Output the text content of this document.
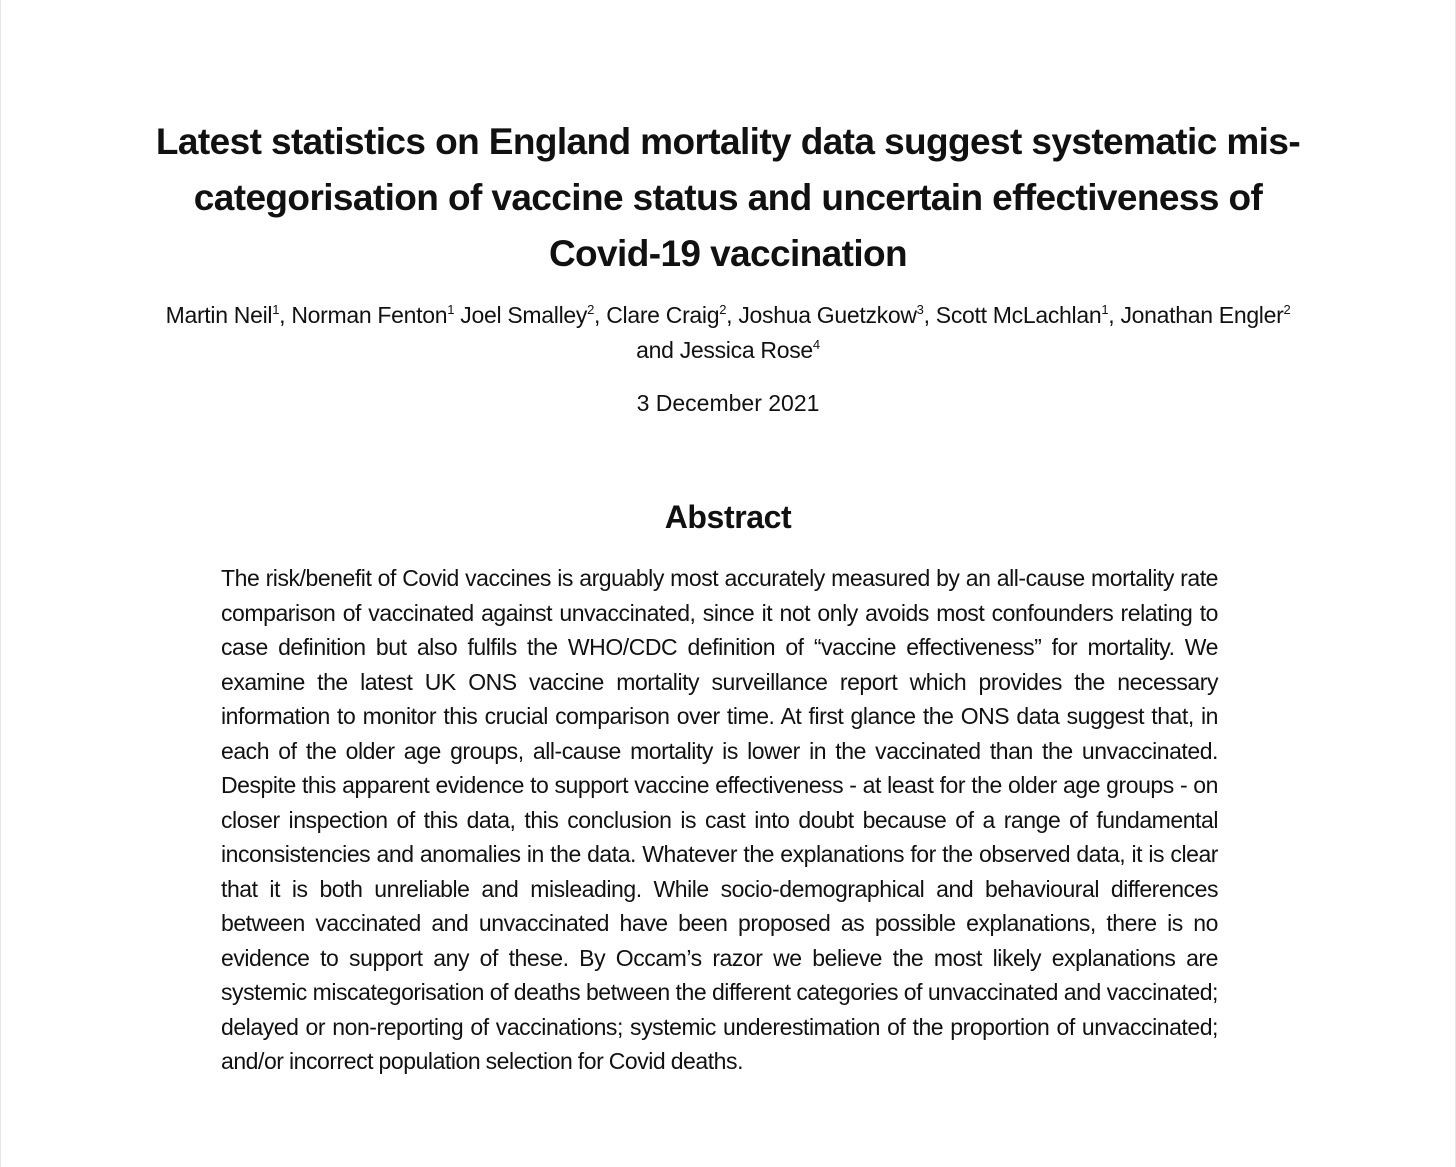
Latest statistics on England mortality data suggest systematic mis-categorisation of vaccine status and uncertain effectiveness of Covid-19 vaccination

Martin Neil$^1$, Norman Fenton$^1$ Joel Smalley$^2$, Clare Craig$^2$, Joshua Guetzkow$^3$, Scott McLachlan$^1$, Jonathan Engler$^2$ and Jessica Rose$^4$

3 December 2021

Abstract

The risk/benefit of Covid vaccines is arguably most accurately measured by an all-cause mortality rate comparison of vaccinated against unvaccinated, since it not only avoids most confounders relating to case definition but also fulfils the WHO/CDC definition of “vaccine effectiveness” for mortality. We examine the latest UK ONS vaccine mortality surveillance report which provides the necessary information to monitor this crucial comparison over time. At first glance the ONS data suggest that, in each of the older age groups, all-cause mortality is lower in the vaccinated than the unvaccinated. Despite this apparent evidence to support vaccine effectiveness - at least for the older age groups - on closer inspection of this data, this conclusion is cast into doubt because of a range of fundamental inconsistencies and anomalies in the data. Whatever the explanations for the observed data, it is clear that it is both unreliable and misleading. While socio-demographical and behavioural differences between vaccinated and unvaccinated have been proposed as possible explanations, there is no evidence to support any of these. By Occam’s razor we believe the most likely explanations are systemic miscategorisation of deaths between the different categories of unvaccinated and vaccinated; delayed or non-reporting of vaccinations; systemic underestimation of the proportion of unvaccinated; and/or incorrect population selection for Covid deaths.
